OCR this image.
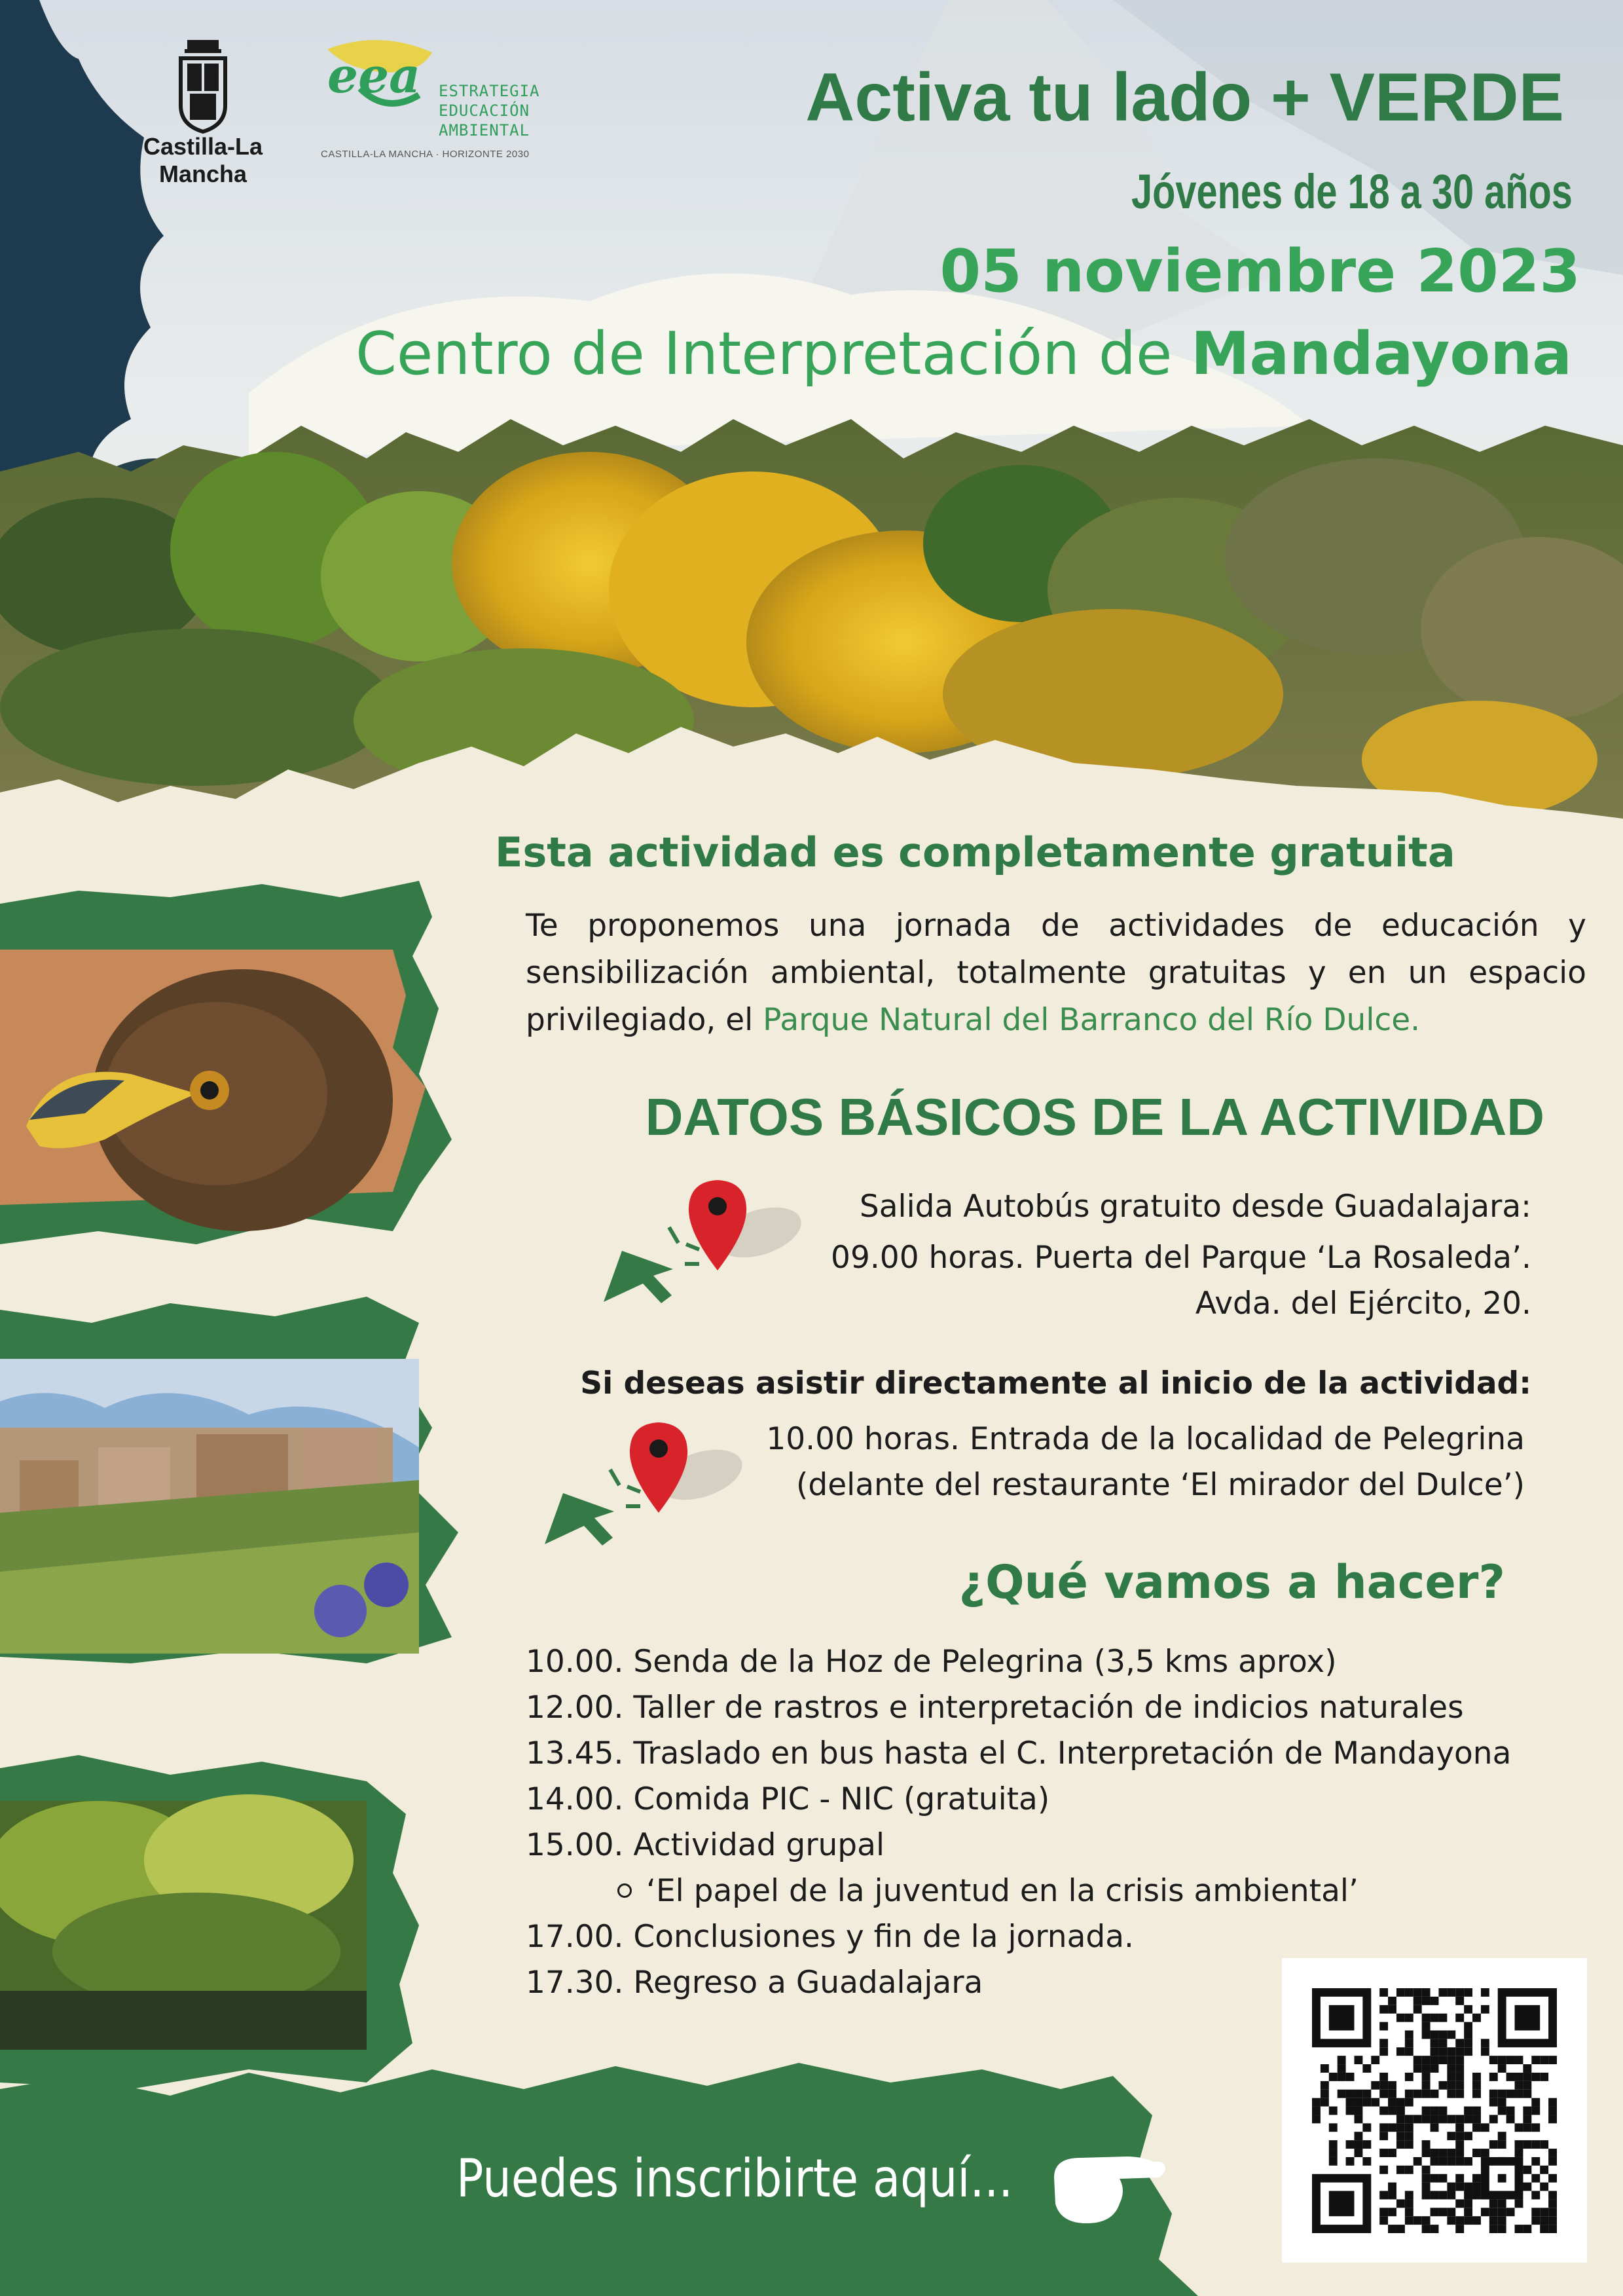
Castilla-La Mancha
eea ESTRATEGIA
EDUCACIÓN
AMBIENTAL
CASTILLA-LA MANCHA · HORIZONTE 2030
Activa tu lado + VERDE
Jóvenes de 18 a 30 años
05 noviembre 2023
Centro de Interpretación de Mandayona
Esta actividad es completamente gratuita
Te proponemos una jornada de actividades de educación y sensibilización ambiental, totalmente gratuitas y en un espacio privilegiado, el Parque Natural del Barranco del Río Dulce.
DATOS BÁSICOS DE LA ACTIVIDAD
Salida Autobús gratuito desde Guadalajara:
09.00 horas. Puerta del Parque ‘La Rosaleda’.
Avda. del Ejército, 20.
Si deseas asistir directamente al inicio de la actividad:
10.00 horas. Entrada de la localidad de Pelegrina
(delante del restaurante ‘El mirador del Dulce’)
¿Qué vamos a hacer?
10.00. Senda de la Hoz de Pelegrina (3,5 kms aprox)
12.00. Taller de rastros e interpretación de indicios naturales
13.45. Traslado en bus hasta el C. Interpretación de Mandayona
14.00. Comida PIC - NIC (gratuita)
15.00. Actividad grupal
‘El papel de la juventud en la crisis ambiental’
17.00. Conclusiones y fin de la jornada.
17.30. Regreso a Guadalajara
Puedes inscribirte aquí...
